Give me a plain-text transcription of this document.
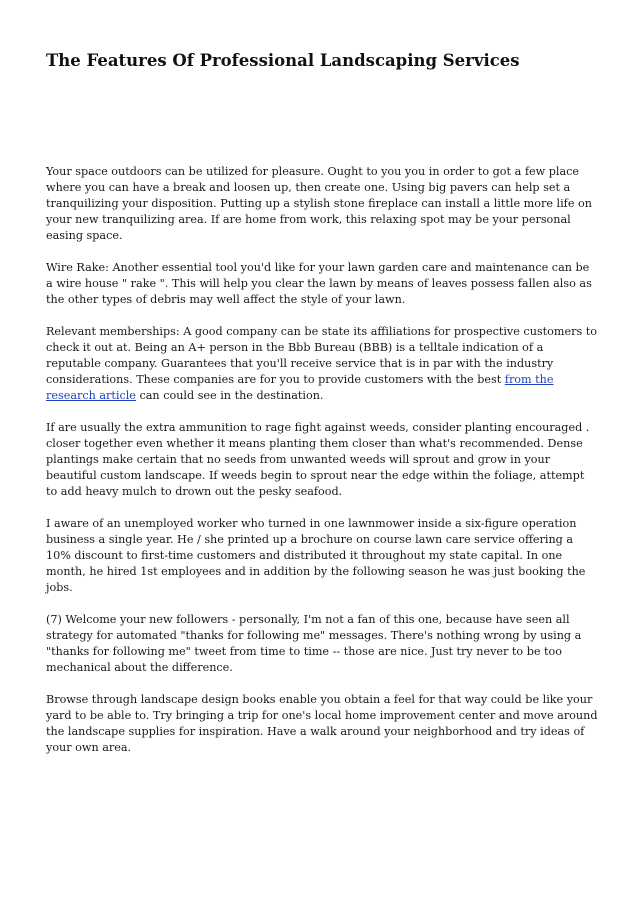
The Features Of Professional Landscaping Services

Your space outdoors can be utilized for pleasure. Ought to you you in order to got a few place where you can have a break and loosen up, then create one. Using big pavers can help set a tranquilizing your disposition. Putting up a stylish stone fireplace can install a little more life on your new tranquilizing area. If are home from work, this relaxing spot may be your personal easing space.

Wire Rake: Another essential tool you'd like for your lawn garden care and maintenance can be a wire house " rake ". This will help you clear the lawn by means of leaves possess fallen also as the other types of debris may well affect the style of your lawn.

Relevant memberships: A good company can be state its affiliations for prospective customers to check it out at. Being an A+ person in the Bbb Bureau (BBB) is a telltale indication of a reputable company. Guarantees that you'll receive service that is in par with the industry considerations. These companies are for you to provide customers with the best from the research article can could see in the destination.

If are usually the extra ammunition to rage fight against weeds, consider planting encouraged . closer together even whether it means planting them closer than what's recommended. Dense plantings make certain that no seeds from unwanted weeds will sprout and grow in your beautiful custom landscape. If weeds begin to sprout near the edge within the foliage, attempt to add heavy mulch to drown out the pesky seafood.

I aware of an unemployed worker who turned in one lawnmower inside a six-figure operation business a single year. He / she printed up a brochure on course lawn care service offering a 10% discount to first-time customers and distributed it throughout my state capital. In one month, he hired 1st employees and in addition by the following season he was just booking the jobs.

(7) Welcome your new followers - personally, I'm not a fan of this one, because have seen all strategy for automated "thanks for following me" messages. There's nothing wrong by using a "thanks for following me" tweet from time to time -- those are nice. Just try never to be too mechanical about the difference.

Browse through landscape design books enable you obtain a feel for that way could be like your yard to be able to. Try bringing a trip for one's local home improvement center and move around the landscape supplies for inspiration. Have a walk around your neighborhood and try ideas of your own area.
